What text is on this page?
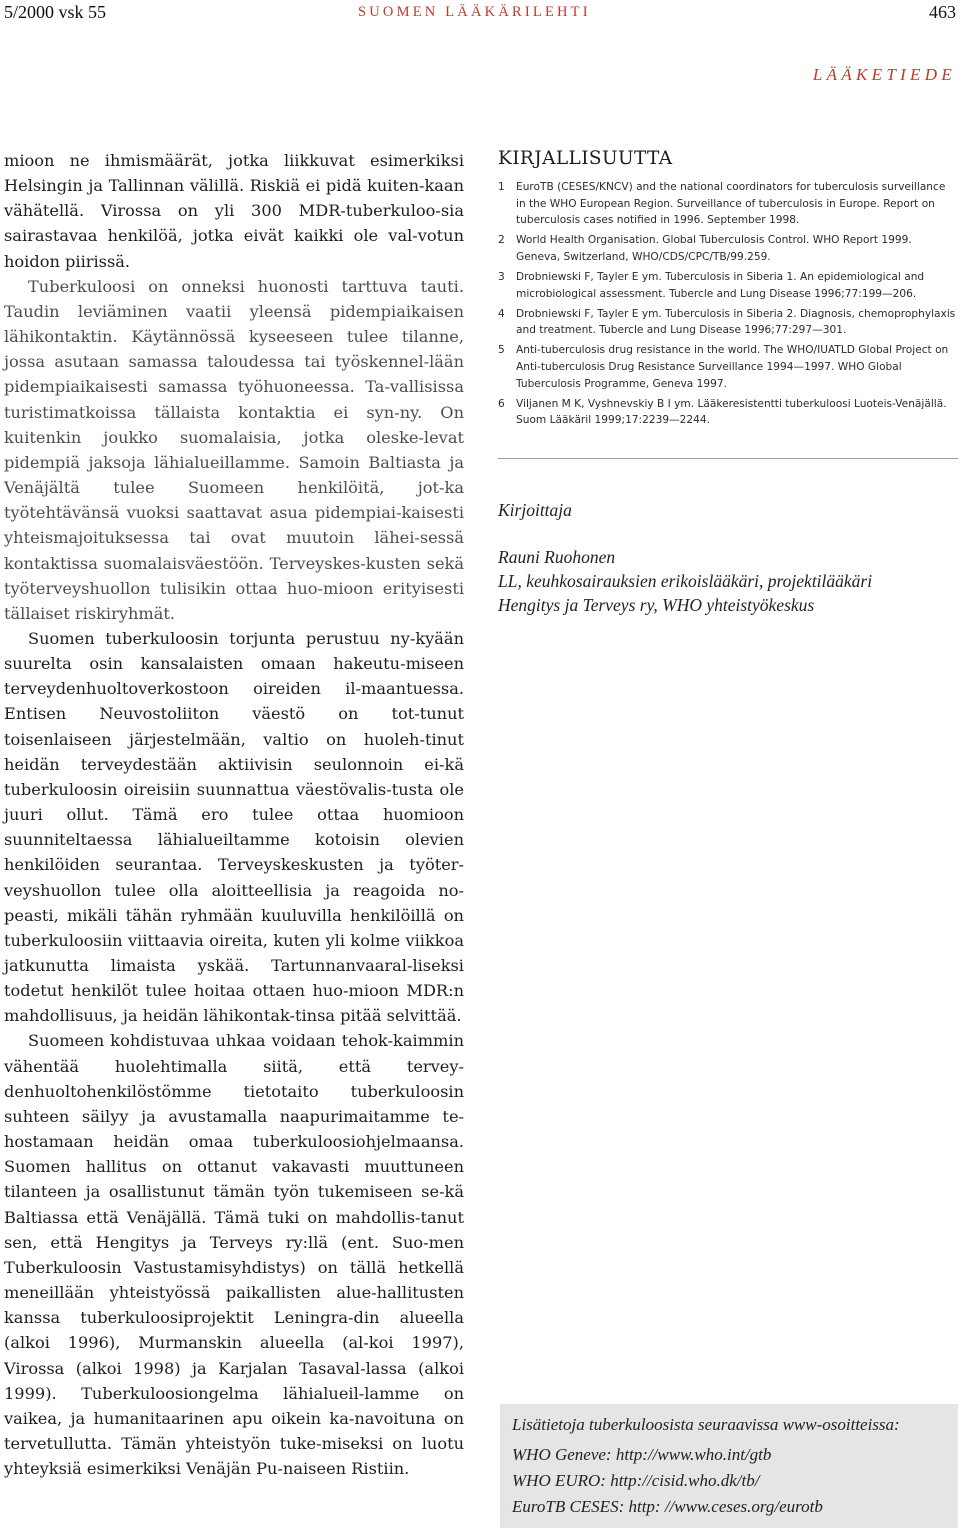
5/2000 vsk 55	SUOMEN LÄÄKÄRILEHTI	463
LÄÄKETIEDE

mioon ne ihmismäärät, jotka liikkuvat esimerkiksi Helsingin ja Tallinnan välillä. Riskiä ei pidä kuiten-kaan vähätellä. Virossa on yli 300 MDR-tuberkuloo-sia sairastavaa henkilöä, jotka eivät kaikki ole val-votun hoidon piirissä.

Tuberkuloosi on onneksi huonosti tarttuva tauti. Taudin leviäminen vaatii yleensä pidempiaikaisen lähikontaktin. Käytännössä kyseeseen tulee tilanne, jossa asutaan samassa taloudessa tai työskennel-lään pidempiaikaisesti samassa työhuoneessa. Ta-vallisissa turistimatkoissa tällaista kontaktia ei syn-ny. On kuitenkin joukko suomalaisia, jotka oleske-levat pidempiä jaksoja lähialueillamme. Samoin Baltiasta ja Venäjältä tulee Suomeen henkilöitä, jot-ka työtehtävänsä vuoksi saattavat asua pidempiai-kaisesti yhteismajoituksessa tai ovat muutoin lähei-sessä kontaktissa suomalaisväestöön. Terveyskes-kusten sekä työterveyshuollon tulisikin ottaa huo-mioon erityisesti tällaiset riskiryhmät.

Suomen tuberkuloosin torjunta perustuu ny-kyään suurelta osin kansalaisten omaan hakeutu-miseen terveydenhuoltoverkostoon oireiden il-maantuessa. Entisen Neuvostoliiton väestö on tot-tunut toisenlaiseen järjestelmään, valtio on huoleh-tinut heidän terveydestään aktiivisin seulonnoin ei-kä tuberkuloosin oireisiin suunnattua väestövalis-tusta ole juuri ollut. Tämä ero tulee ottaa huomioon suunniteltaessa lähialueiltamme kotoisin olevien henkilöiden seurantaa. Terveyskeskusten ja työter-veyshuollon tulee olla aloitteellisia ja reagoida no-peasti, mikäli tähän ryhmään kuuluvilla henkilöillä on tuberkuloosiin viittaavia oireita, kuten yli kolme viikkoa jatkunutta limaista yskää. Tartunnanvaaral-liseksi todetut henkilöt tulee hoitaa ottaen huo-mioon MDR:n mahdollisuus, ja heidän lähikontak-tinsa pitää selvittää.

Suomeen kohdistuvaa uhkaa voidaan tehok-kaimmin vähentää huolehtimalla siitä, että tervey-denhuoltohenkilöstömme tietotaito tuberkuloosin suhteen säilyy ja avustamalla naapurimaitamme te-hostamaan heidän omaa tuberkuloosiohjelmaansa. Suomen hallitus on ottanut vakavasti muuttuneen tilanteen ja osallistunut tämän työn tukemiseen se-kä Baltiassa että Venäjällä. Tämä tuki on mahdollis-tanut sen, että Hengitys ja Terveys ry:llä (ent. Suo-men Tuberkuloosin Vastustamisyhdistys) on tällä hetkellä meneillään yhteistyössä paikallisten alue-hallitusten kanssa tuberkuloosiprojektit Leningra-din alueella (alkoi 1996), Murmanskin alueella (al-koi 1997), Virossa (alkoi 1998) ja Karjalan Tasaval-lassa (alkoi 1999). Tuberkuloosiongelma lähialueil-lamme on vaikea, ja humanitaarinen apu oikein ka-navoituna on tervetullutta. Tämän yhteistyön tuke-miseksi on luotu yhteyksiä esimerkiksi Venäjän Pu-naiseen Ristiin.

KIRJALLISUUTTA
1 EuroTB (CESES/KNCV) and the national coordinators for tuberculosis surveillance in the WHO European Region. Surveillance of tuberculosis in Europe. Report on tuberculosis cases notified in 1996. September 1998.
2 World Health Organisation. Global Tuberculosis Control. WHO Report 1999. Geneva, Switzerland, WHO/CDS/CPC/TB/99.259.
3 Drobniewski F, Tayler E ym. Tuberculosis in Siberia 1. An epidemiological and microbiological assessment. Tubercle and Lung Disease 1996;77:199—206.
4 Drobniewski F, Tayler E ym. Tuberculosis in Siberia 2. Diagnosis, chemoprophylaxis and treatment. Tubercle and Lung Disease 1996;77:297—301.
5 Anti-tuberculosis drug resistance in the world. The WHO/IUATLD Global Project on Anti-tuberculosis Drug Resistance Surveillance 1994—1997. WHO Global Tuberculosis Programme, Geneva 1997.
6 Viljanen M K, Vyshnevskiy B I ym. Lääkeresistentti tuberkuloosi Luoteis-Venäjällä. Suom Lääkäril 1999;17:2239—2244.

Kirjoittaja

Rauni Ruohonen

LL, keuhkosairauksien erikoislääkäri, projektilääkäri

Hengitys ja Terveys ry, WHO yhteistyökeskus

Lisätietoja tuberkuloosista seuraavissa www-osoitteissa:
WHO Geneve: http://www.who.int/gtb
WHO EURO: http://cisid.who.dk/tb/
EuroTB CESES: http: //www.ceses.org/eurotb
